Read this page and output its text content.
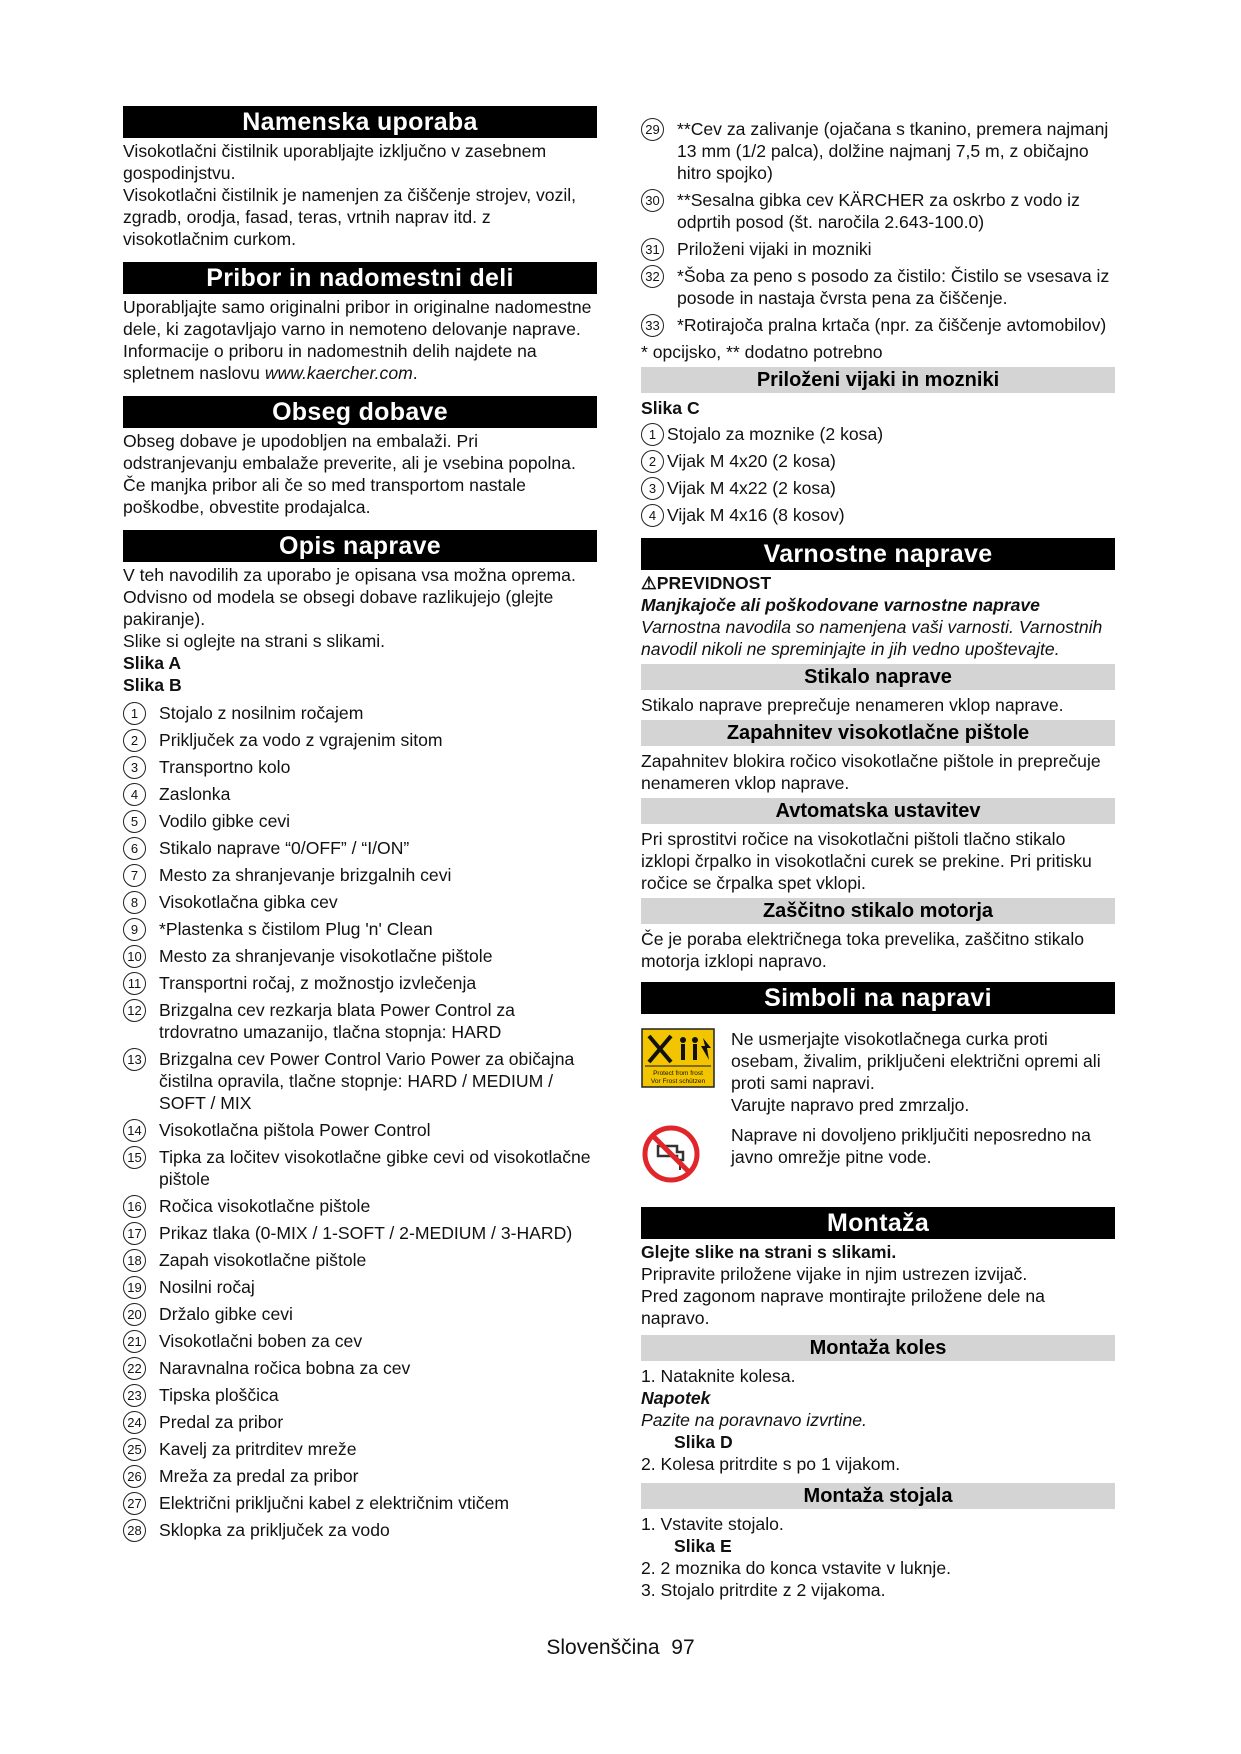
Namenska uporaba

Visokotlačni čistilnik uporabljajte izključno v zasebnem gospodinjstvu.

Visokotlačni čistilnik je namenjen za čiščenje strojev, vozil, zgradb, orodja, fasad, teras, vrtnih naprav itd. z visokotlačnim curkom.

Pribor in nadomestni deli

Uporabljajte samo originalni pribor in originalne nadomestne dele, ki zagotavljajo varno in nemoteno delovanje naprave.

Informacije o priboru in nadomestnih delih najdete na spletnem naslovu www.kaercher.com.

Obseg dobave

Obseg dobave je upodobljen na embalaži. Pri odstranjevanju embalaže preverite, ali je vsebina popolna. Če manjka pribor ali če so med transportom nastale poškodbe, obvestite prodajalca.

Opis naprave

V teh navodilih za uporabo je opisana vsa možna oprema. Odvisno od modela se obsegi dobave razlikujejo (glejte pakiranje).

Slike si oglejte na strani s slikami.

Slika A

Slika B

1	Stojalo z nosilnim ročajem
2	Priključek za vodo z vgrajenim sitom
3	Transportno kolo
4	Zaslonka
5	Vodilo gibke cevi
6	Stikalo naprave “0/OFF” / “I/ON”
7	Mesto za shranjevanje brizgalnih cevi
8	Visokotlačna gibka cev
9	*Plastenka s čistilom Plug 'n' Clean
10 Mesto za shranjevanje visokotlačne pištole
11 Transportni ročaj, z možnostjo izvlečenja
12 Brizgalna cev rezkarja blata Power Control za trdovratno umazanijo, tlačna stopnja: HARD
13 Brizgalna cev Power Control Vario Power za običajna čistilna opravila, tlačne stopnje: HARD / MEDIUM / SOFT / MIX
14 Visokotlačna pištola Power Control
15 Tipka za ločitev visokotlačne gibke cevi od visokotlačne pištole
16 Ročica visokotlačne pištole
17 Prikaz tlaka (0-MIX / 1-SOFT / 2-MEDIUM / 3-HARD)
18 Zapah visokotlačne pištole
19 Nosilni ročaj
20 Držalo gibke cevi
21 Visokotlačni boben za cev
22 Naravnalna ročica bobna za cev
23 Tipska ploščica
24 Predal za pribor
25 Kavelj za pritrditev mreže
26 Mreža za predal za pribor
27 Električni priključni kabel z električnim vtičem
28 Sklopka za priključek za vodo
29 **Cev za zalivanje (ojačana s tkanino, premera najmanj 13 mm (1/2 palca), dolžine najmanj 7,5 m, z običajno hitro spojko)
30 **Sesalna gibka cev KÄRCHER za oskrbo z vodo iz odprtih posod (št. naročila 2.643-100.0)
31 Priloženi vijaki in mozniki
32 *Šoba za peno s posodo za čistilo: Čistilo se vsesava iz posode in nastaja čvrsta pena za čiščenje.
33 *Rotirajoča pralna krtača (npr. za čiščenje avtomobilov)

* opcijsko, ** dodatno potrebno

Priloženi vijaki in mozniki

Slika C

1 Stojalo za moznike (2 kosa)
2 Vijak M 4x20 (2 kosa)
3 Vijak M 4x22 (2 kosa)
4 Vijak M 4x16 (8 kosov)
Varnostne naprave

⚠PREVIDNOST

Manjkajoče ali poškodovane varnostne naprave

Varnostna navodila so namenjena vaši varnosti. Varnostnih navodil nikoli ne spreminjajte in jih vedno upoštevajte.

Stikalo naprave

Stikalo naprave preprečuje nenameren vklop naprave.

Zapahnitev visokotlačne pištole

Zapahnitev blokira ročico visokotlačne pištole in preprečuje nenameren vklop naprave.

Avtomatska ustavitev

Pri sprostitvi ročice na visokotlačni pištoli tlačno stikalo izklopi črpalko in visokotlačni curek se prekine. Pri pritisku ročice se črpalka spet vklopi.

Zaščitno stikalo motorja

Če je poraba električnega toka prevelika, zaščitno stikalo motorja izklopi napravo.

Simboli na napravi
Protect from frost
Vor Frost schützen

Ne usmerjajte visokotlačnega curka proti osebam, živalim, priključeni električni opremi ali proti sami napravi.

Varujte napravo pred zmrzaljo.

Naprave ni dovoljeno priključiti neposredno na javno omrežje pitne vode.

Montaža

Glejte slike na strani s slikami.

Pripravite priložene vijake in njim ustrezen izvijač.

Pred zagonom naprave montirajte priložene dele na napravo.

Montaža koles

1. Nataknite kolesa.

Napotek

Pazite na poravnavo izvrtine.

Slika D

2. Kolesa pritrdite s po 1 vijakom.

Montaža stojala

1. Vstavite stojalo.

Slika E

2. 2 moznika do konca vstavite v luknje.

3. Stojalo pritrdite z 2 vijakoma.

Slovenščina 97
